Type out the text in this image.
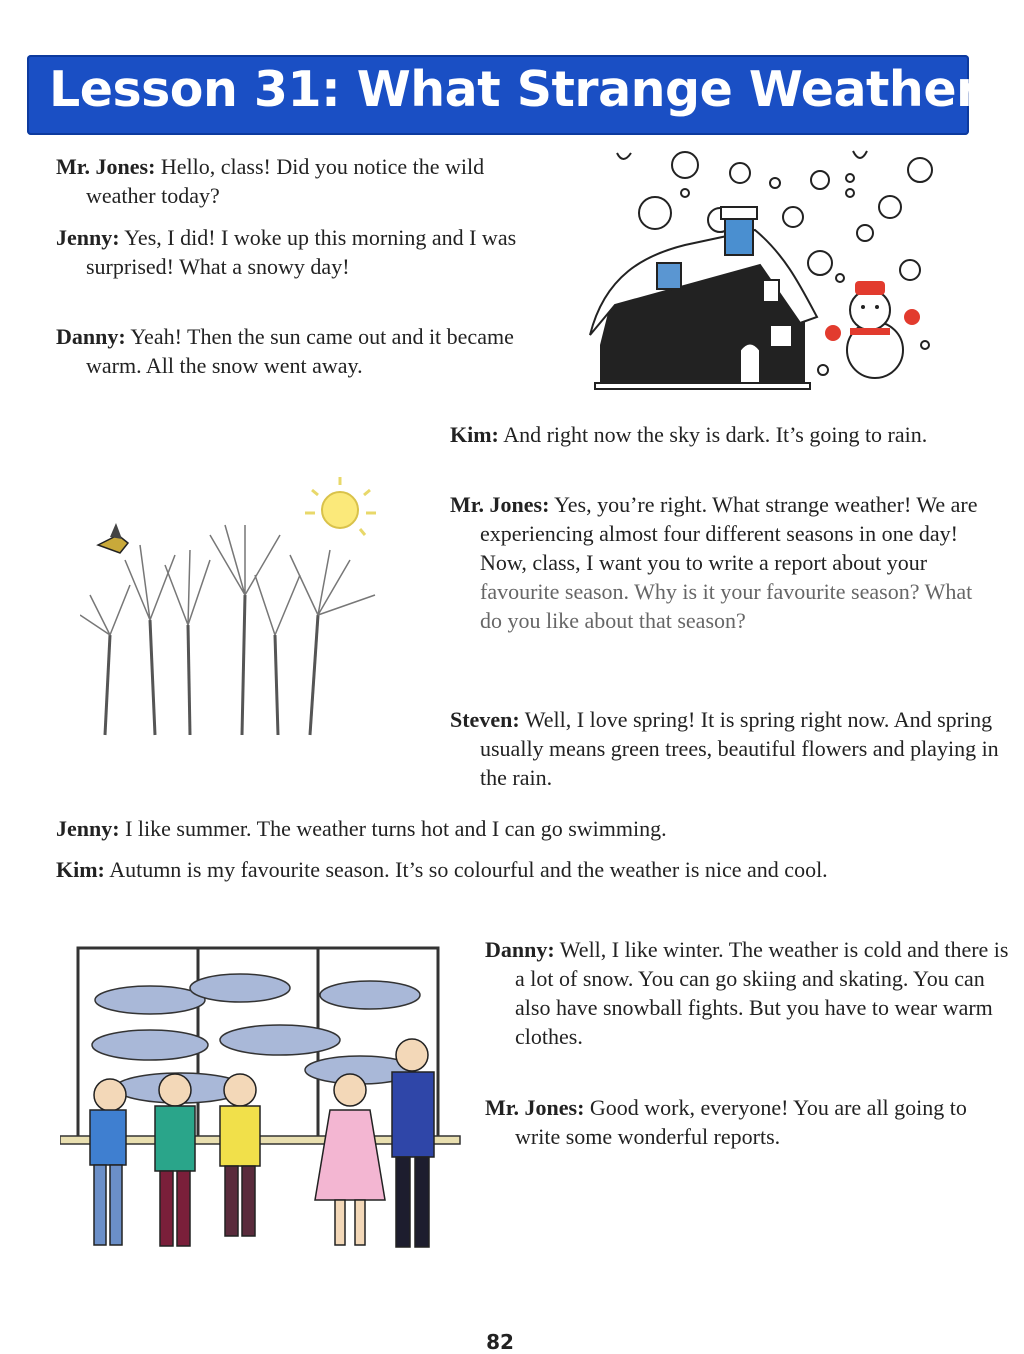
Lesson 31: What Strange Weather!

Mr. Jones: Hello, class! Did you notice the wild weather today?

Jenny: Yes, I did! I woke up this morning and I was surprised! What a snowy day!

Danny: Yeah! Then the sun came out and it became warm. All the snow went away.

Kim: And right now the sky is dark. It’s going to rain.

Mr. Jones: Yes, you’re right. What strange weather! We are experiencing almost four different seasons in one day! Now, class, I want you to write a report about your favourite season. Why is it your favourite season? What do you like about that season?

Steven: Well, I love spring! It is spring right now. And spring usually means green trees, beautiful flowers and playing in the rain.

Jenny: I like summer. The weather turns hot and I can go swimming.

Kim: Autumn is my favourite season. It’s so colourful and the weather is nice and cool.

Danny: Well, I like winter. The weather is cold and there is a lot of snow. You can go skiing and skating. You can also have snowball fights. But you have to wear warm clothes.

Mr. Jones: Good work, everyone! You are all going to write some wonderful reports.

82
